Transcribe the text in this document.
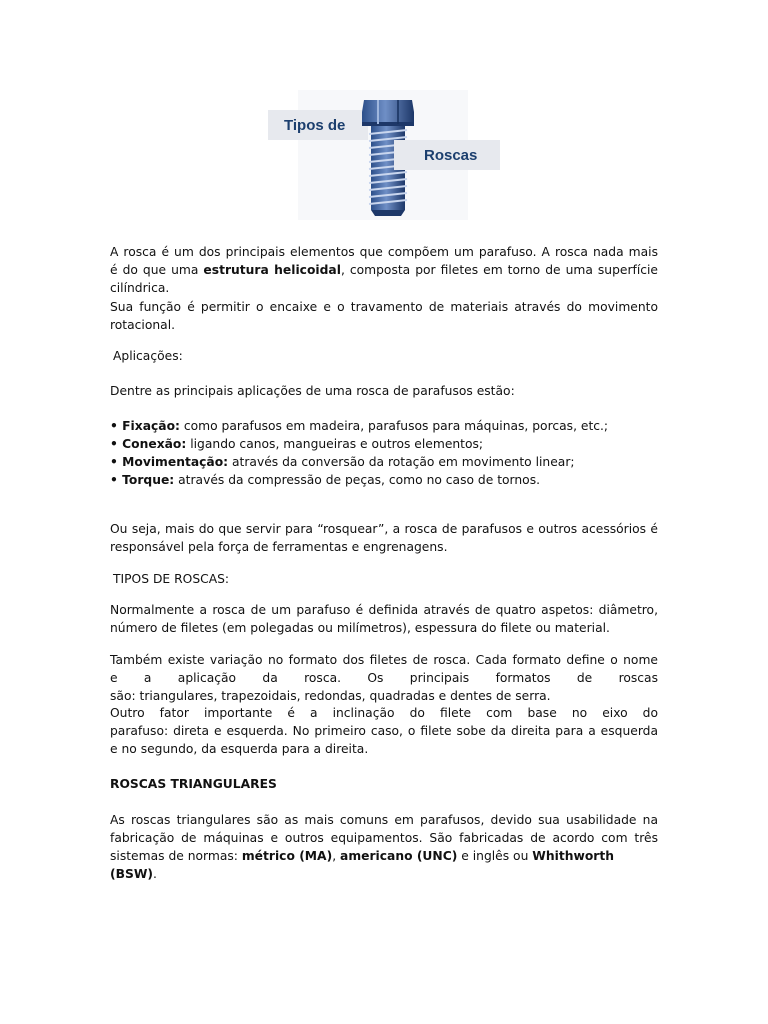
Tipos de
Roscas
A rosca é um dos principais elementos que compõem um parafuso. A rosca nada mais
é do que uma estrutura helicoidal, composta por filetes em torno de uma superfície
cilíndrica.
Sua função é permitir o encaixe e o travamento de materiais através do movimento
rotacional.
Aplicações:
Dentre as principais aplicações de uma rosca de parafusos estão:
• Fixação: como parafusos em madeira, parafusos para máquinas, porcas, etc.;
• Conexão: ligando canos, mangueiras e outros elementos;
• Movimentação: através da conversão da rotação em movimento linear;
• Torque: através da compressão de peças, como no caso de tornos.
Ou seja, mais do que servir para “rosquear”, a rosca de parafusos e outros acessórios é
responsável pela força de ferramentas e engrenagens.
TIPOS DE ROSCAS:
Normalmente a rosca de um parafuso é definida através de quatro aspetos: diâmetro,
número de filetes (em polegadas ou milímetros), espessura do filete ou material.
Também existe variação no formato dos filetes de rosca. Cada formato define o nome
e a aplicação da rosca. Os principais formatos de roscas
são: triangulares, trapezoidais, redondas, quadradas e dentes de serra.
Outro fator importante é a inclinação do filete com base no eixo do
parafuso: direta e esquerda. No primeiro caso, o filete sobe da direita para a esquerda
e no segundo, da esquerda para a direita.
ROSCAS TRIANGULARES
As roscas triangulares são as mais comuns em parafusos, devido sua usabilidade na
fabricação de máquinas e outros equipamentos. São fabricadas de acordo com três
sistemas de normas: métrico (MA), americano (UNC) e inglês ou Whithworth (BSW).
